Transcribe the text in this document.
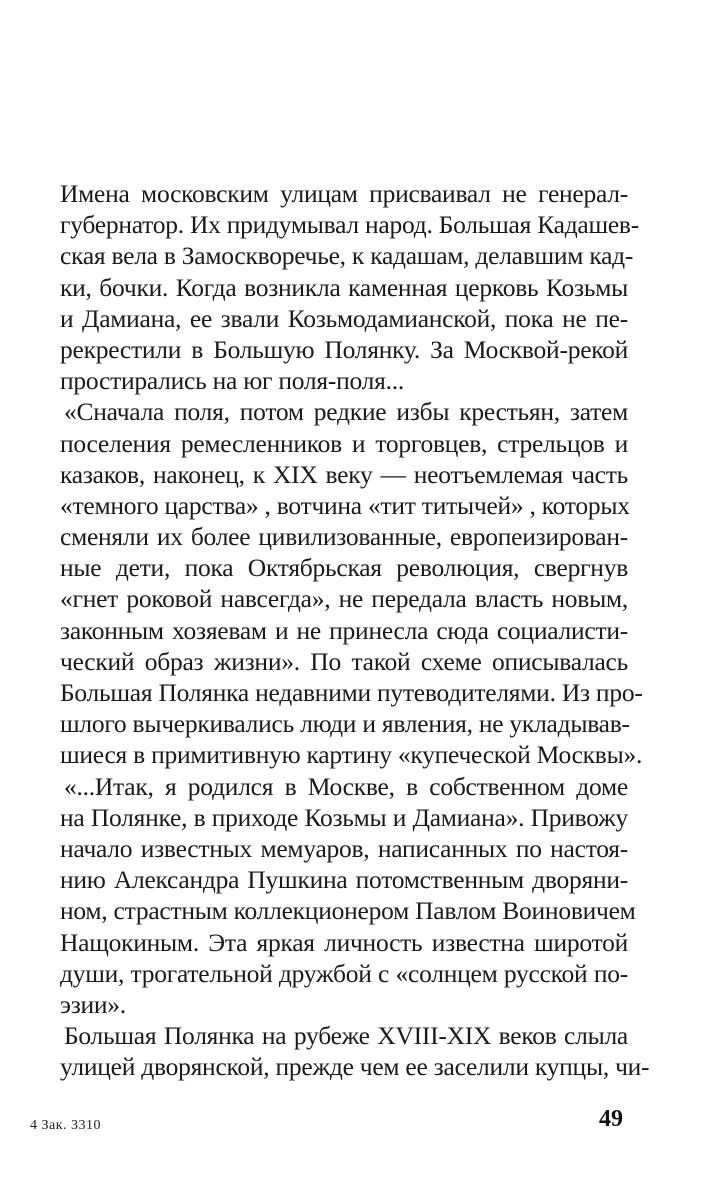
Имена московским улицам присваивал не генерал-
губернатор. Их придумывал народ. Большая Кадашев-
ская вела в Замоскворечье, к кадашам, делавшим кад-
ки, бочки. Когда возникла каменная церковь Козьмы
и Дамиана, ее звали Козьмодамианской, пока не пе-
рекрестили в Большую Полянку. За Москвой-рекой
простирались на юг поля-поля...
«Сначала поля, потом редкие избы крестьян, затем
поселения ремесленников и торговцев, стрельцов и
казаков, наконец, к XIX веку — неотъемлемая часть
«темного царства» , вотчина «тит титычей» , которых
сменяли их более цивилизованные, европеизирован-
ные дети, пока Октябрьская революция, свергнув
«гнет роковой навсегда», не передала власть новым,
законным хозяевам и не принесла сюда социалисти-
ческий образ жизни». По такой схеме описывалась
Большая Полянка недавними путеводителями. Из про-
шлого вычеркивались люди и явления, не укладывав-
шиеся в примитивную картину «купеческой Москвы».
«...Итак, я родился в Москве, в собственном доме
на Полянке, в приходе Козьмы и Дамиана». Привожу
начало известных мемуаров, написанных по настоя-
нию Александра Пушкина потомственным дворяни-
ном, страстным коллекционером Павлом Воиновичем
Нащокиным. Эта яркая личность известна широтой
души, трогательной дружбой с «солнцем русской по-
эзии».
Большая Полянка на рубеже XVIII-XIX веков слыла
улицей дворянской, прежде чем ее заселили купцы, чи-
4 Зак. 3310	49
